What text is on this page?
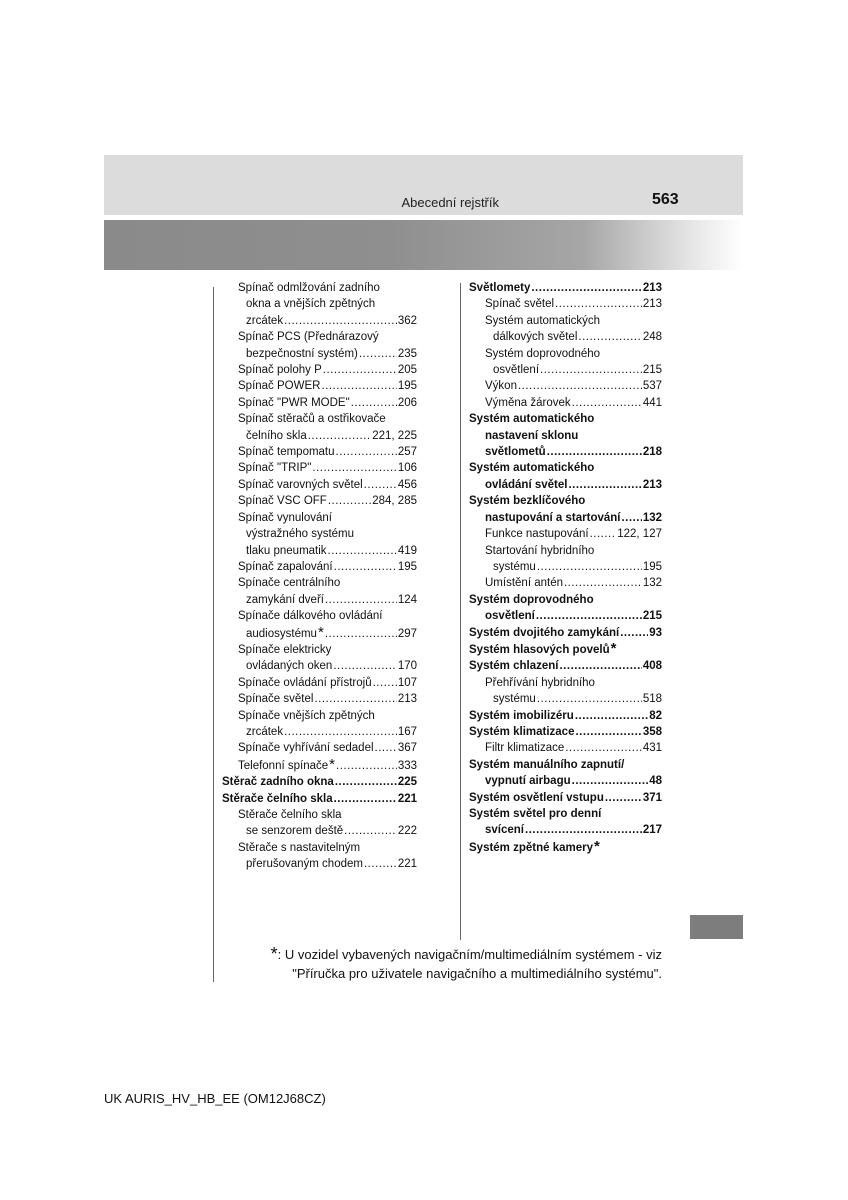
Abecední rejstřík	563
Spínač odmlžování zadního
okna a vnějších zpětných
zrcátek .....	362
Spínač PCS (Přednárazový
bezpečnostní systém) .....	235
Spínač polohy P .....	205
Spínač POWER .....	195
Spínač "PWR MODE" .....	206
Spínač stěračů a ostřikovače
čelního skla .....	221, 225
Spínač tempomatu .....	257
Spínač "TRIP" .....	106
Spínač varovných světel .....	456
Spínač VSC OFF .....	284, 285
Spínač vynulování
výstražného systému
tlaku pneumatik .....	419
Spínač zapalování .....	195
Spínače centrálního
zamykání dveří .....	124
Spínače dálkového ovládání
audiosystému * .....	297
Spínače elektricky
ovládaných oken .....	170
Spínače ovládání přístrojů ..... 107
Spínače světel .....	213
Spínače vnějších zpětných
zrcátek .....	167
Spínače vyhřívání sedadel ..... 367
Telefonní spínače * .....	333
Stěrač zadního okna .....	225
Stěrače čelního skla .....	221
Stěrače čelního skla
se senzorem deště .....	222
Stěrače s nastavitelným
přerušovaným chodem .....	221
Světlomety .....	213
Spínač světel .....	213
Systém automatických
dálkových světel .....	248
Systém doprovodného
osvětlení .....	215
Výkon .....	537
Výměna žárovek .....	441
Systém automatického
nastavení sklonu
světlometů .....	218
Systém automatického
ovládání světel .....	213
Systém bezklíčového
nastupování a startování ..... 132
Funkce nastupování ..... 122, 127
Startování hybridního
systému .....	195
Umístění antén .....	132
Systém doprovodného
osvětlení .....	215
Systém dvojitého zamykání .....	93
Systém hlasových povelů *
Systém chlazení .....	408
Přehřívání hybridního
systému .....	518
Systém imobilizéru .....	82
Systém klimatizace .....	358
Filtr klimatizace .....	431
Systém manuálního zapnutí/
vypnutí airbagu .....	48
Systém osvětlení vstupu .....	371
Systém světel pro denní
svícení .....	217
Systém zpětné kamery *
*: U vozidel vybavených navigačním/multimediálním systémem - viz
"Příručka pro uživatele navigačního a multimediálního systému".
UK AURIS_HV_HB_EE (OM12J68CZ)
